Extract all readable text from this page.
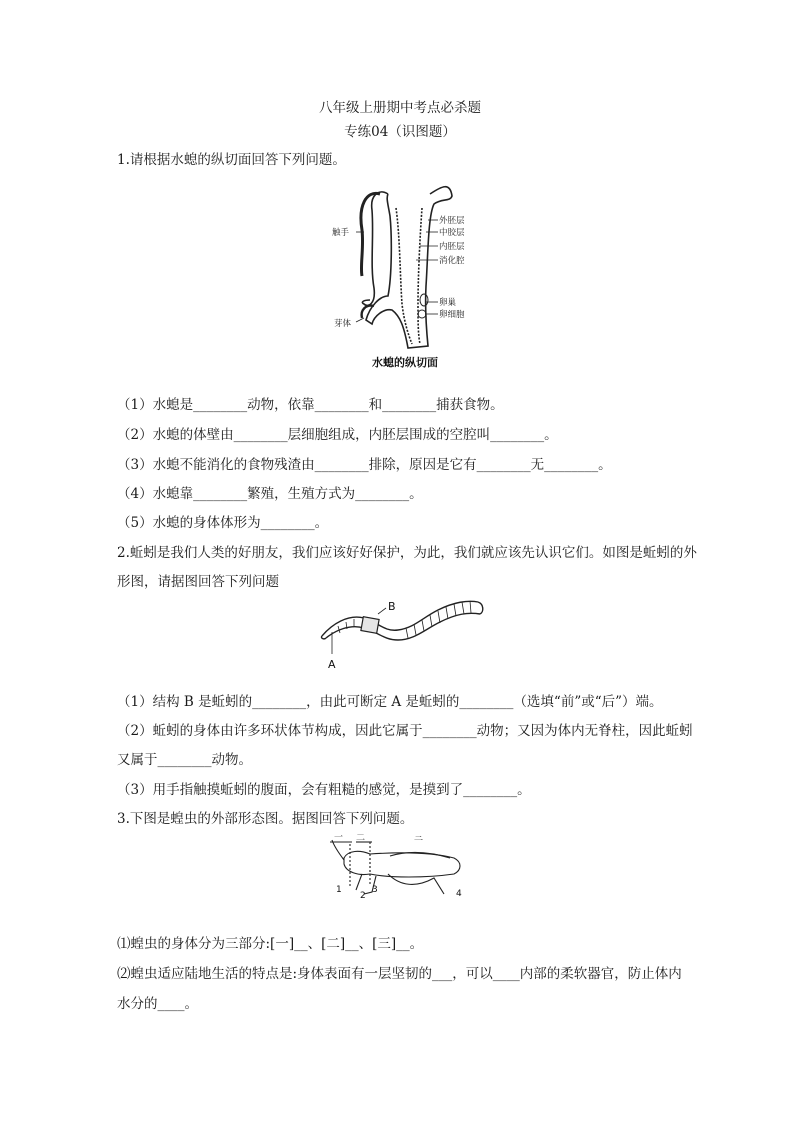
八年级上册期中考点必杀题
专练04（识图题）
1.请根据水螅的纵切面回答下列问题。
外胚层
中胶层
内胚层
消化腔
卵巢
卵细胞
触手
芽体
水螅的纵切面
（1）水螅是________动物，依靠________和________捕获食物。
（2）水螅的体壁由________层细胞组成，内胚层围成的空腔叫________。
（3）水螅不能消化的食物残渣由________排除，原因是它有________无________。
（4）水螅靠________繁殖，生殖方式为________。
（5）水螅的身体体形为________。
2.蚯蚓是我们人类的好朋友，我们应该好好保护，为此，我们就应该先认识它们。如图是蚯蚓的外
形图，请据图回答下列问题
B
A
（1）结构 B 是蚯蚓的________，由此可断定 A 是蚯蚓的________（选填“前”或“后”）端。
（2）蚯蚓的身体由许多环状体节构成，因此它属于________动物；又因为体内无脊柱，因此蚯蚓
又属于________动物。
（3）用手指触摸蚯蚓的腹面，会有粗糙的感觉，是摸到了________。
3.下图是蝗虫的外部形态图。据图回答下列问题。
一 二	三
1
2
3	4
⑴蝗虫的身体分为三部分:[一]__、[二]__、[三]__。
⑵蝗虫适应陆地生活的特点是:身体表面有一层坚韧的___，可以____内部的柔软器官，防止体内
水分的____。
